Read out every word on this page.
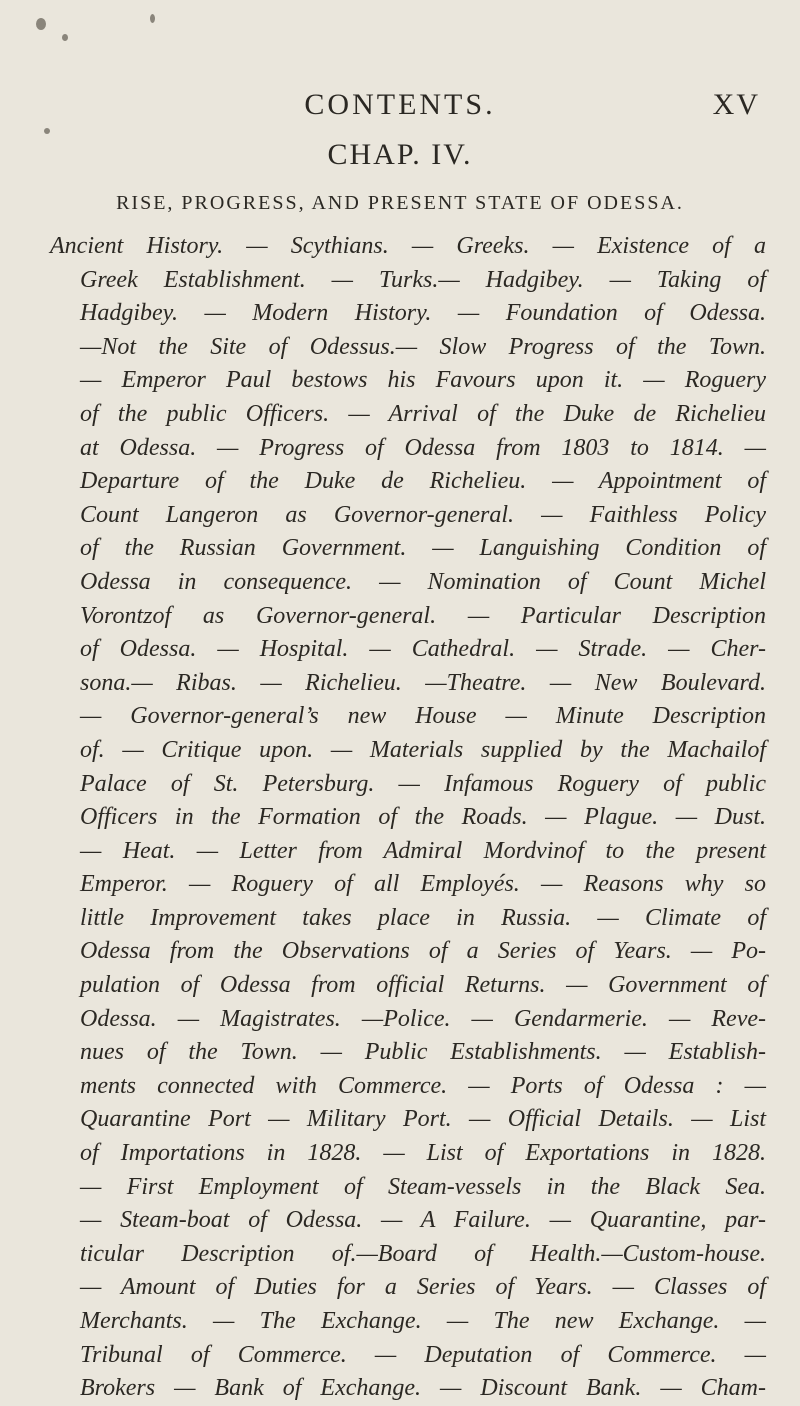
CONTENTS.	XV
CHAP. IV.
RISE, PROGRESS, AND PRESENT STATE OF ODESSA.
Ancient History. — Scythians. — Greeks. — Existence of a
Greek Establishment. — Turks.— Hadgibey. — Taking of
Hadgibey. — Modern History. — Foundation of Odessa.
—Not the Site of Odessus.— Slow Progress of the Town.
— Emperor Paul bestows his Favours upon it. — Roguery
of the public Officers. — Arrival of the Duke de Richelieu
at Odessa. — Progress of Odessa from 1803 to 1814. —
Departure of the Duke de Richelieu. — Appointment of
Count Langeron as Governor-general. — Faithless Policy
of the Russian Government. — Languishing Condition of
Odessa in consequence. — Nomination of Count Michel
Vorontzof as Governor-general. — Particular Description
of Odessa. — Hospital. — Cathedral. — Strade. — Cher-
sona.— Ribas. — Richelieu. —Theatre. — New Boulevard.
— Governor-general’s new House — Minute Description
of. — Critique upon. — Materials supplied by the Machailof
Palace of St. Petersburg. — Infamous Roguery of public
Officers in the Formation of the Roads. — Plague. — Dust.
— Heat. — Letter from Admiral Mordvinof to the present
Emperor. — Roguery of all Employés. — Reasons why so
little Improvement takes place in Russia. — Climate of
Odessa from the Observations of a Series of Years. — Po-
pulation of Odessa from official Returns. — Government of
Odessa. — Magistrates. —Police. — Gendarmerie. — Reve-
nues of the Town. — Public Establishments. — Establish-
ments connected with Commerce. — Ports of Odessa : —
Quarantine Port — Military Port. — Official Details. — List
of Importations in 1828. — List of Exportations in 1828.
— First Employment of Steam-vessels in the Black Sea.
— Steam-boat of Odessa. — A Failure. — Quarantine, par-
ticular Description of.—Board of Health.—Custom-house.
— Amount of Duties for a Series of Years. — Classes of
Merchants. — The Exchange. — The new Exchange. —
Tribunal of Commerce. — Deputation of Commerce. —
Brokers — Bank of Exchange. — Discount Bank. — Cham-
